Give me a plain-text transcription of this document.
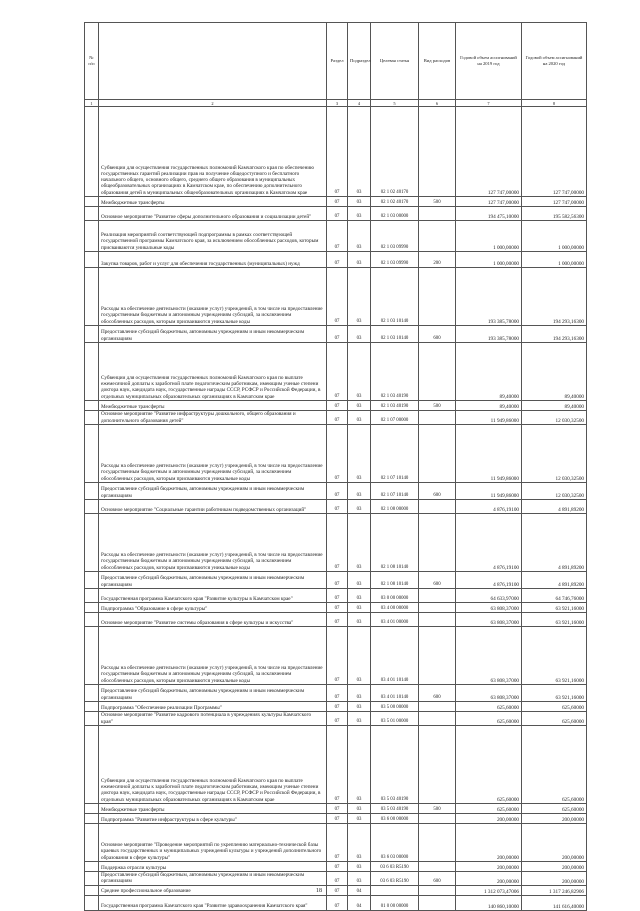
№ п/п		Раздел	Подраздел	Целевая статья	Вид расходов	Годовой объем ассигнований на 2019 год	Годовой объем ассигнований на 2020 год
1	2	3	4	5	6	7	8
	Субвенции для осуществления государственных полномочий Камчатского края по обеспечению государственных гарантий реализации прав на получение общедоступного и бесплатного начального общего, основного общего, среднего общего образования в муниципальных общеобразовательных организациях в Камчатском крае, по обеспечению дополнительного образования детей в муниципальных общеобразовательных организациях в Камчатском крае	07	03	02 1 02 40170		127 747,00000	127 747,00000
	Межбюджетные трансферты	07	03	02 1 02 40170	500	127 747,00000	127 747,00000
	Основное мероприятие "Развитие сферы дополнительного образования и социализации детей"	07	03	02 1 03 00000		194 475,10000	195 582,56300
	Реализация мероприятий соответствующей подпрограммы в рамках соответствующей государственной программы Камчатского края, за исключением обособленных расходов, которым присваиваются уникальные коды	07	03	02 1 03 09990		1 000,00000	1 000,00000
	Закупка товаров, работ и услуг для обеспечения государственных (муниципальных) нужд	07	03	02 1 03 09990	200	1 000,00000	1 000,00000
	Расходы на обеспечение деятельности (оказание услуг) учреждений, в том числе на предоставление государственным бюджетным и автономным учреждениям субсидий, за исключением обособленных расходов, которым присваиваются уникальные коды	07	03	02 1 03 10140		193 385,78000	194 293,16300
	Предоставление субсидий бюджетным, автономным учреждениям и иным некоммерческим организациям	07	03	02 1 03 10140	600	193 385,78000	194 293,16300
	Субвенции для осуществления государственных полномочий Камчатского края по выплате ежемесячной доплаты к заработной плате педагогическим работникам, имеющим ученые степени доктора наук, кандидата наук, государственные награды СССР, РСФСР и Российской Федерации, в отдельных муниципальных образовательных организациях в Камчатском крае	07	03	02 1 03 40190		89,40000	89,40000
	Межбюджетные трансферты	07	03	02 1 03 40190	500	89,40000	89,40000
	Основное мероприятие "Развитие инфраструктуры дошкольного, общего образования и дополнительного образования детей"	07	03	02 1 07 00000		11 949,86000	12 030,32500
	Расходы на обеспечение деятельности (оказание услуг) учреждений, в том числе на предоставление государственным бюджетным и автономным учреждениям субсидий, за исключением обособленных расходов, которым присваиваются уникальные коды	07	03	02 1 07 10140		11 949,86000	12 030,32500
	Предоставление субсидий бюджетным, автономным учреждениям и иным некоммерческим организациям	07	03	02 1 07 10140	600	11 949,86000	12 030,32500
	Основное мероприятие "Социальные гарантии работникам подведомственных организаций"	07	03	02 1 08 00000		4 876,19100	4 891,89200
	Расходы на обеспечение деятельности (оказание услуг) учреждений, в том числе на предоставление государственным бюджетным и автономным учреждениям субсидий, за исключением обособленных расходов, которым присваиваются уникальные коды	07	03	02 1 08 10140		4 876,19100	4 891,89200
	Предоставление субсидий бюджетным, автономным учреждениям и иным некоммерческим организациям	07	03	02 1 08 10140	600	4 876,19100	4 891,89200
	Государственная программа Камчатского края "Развитие культуры в Камчатском крае"	07	03	03 0 00 00000		64 633,97000	64 746,76000
	Подпрограмма "Образование в сфере культуры"	07	03	03 4 00 00000		63 808,37000	63 921,16000
	Основное мероприятие "Развитие системы образования в сфере культуры и искусства"	07	03	03 4 01 00000		63 808,37000	63 921,16000
	Расходы на обеспечение деятельности (оказание услуг) учреждений, в том числе на предоставление государственным бюджетным и автономным учреждениям субсидий, за исключением обособленных расходов, которым присваиваются уникальные коды	07	03	03 4 01 10140		63 808,37000	63 921,16000
	Предоставление субсидий бюджетным, автономным учреждениям и иным некоммерческим организациям	07	03	03 4 01 10140	600	63 808,37000	63 921,16000
	Подпрограмма "Обеспечение реализации Программы"	07	03	03 5 00 00000		625,60000	625,60000
	Основное мероприятие "Развитие кадрового потенциала в учреждениях культуры Камчатского края"	07	03	03 5 01 00000		625,60000	625,60000
	Субвенции для осуществления государственных полномочий Камчатского края по выплате ежемесячной доплаты к заработной плате педагогическим работникам, имеющим ученые степени доктора наук, кандидата наук, государственные награды СССР, РСФСР и Российской Федерации, в отдельных муниципальных образовательных организациях в Камчатском крае	07	03	03 5 03 40190		625,60000	625,60000
	Межбюджетные трансферты	07	03	03 5 03 40190	500	625,60000	625,60000
	Подпрограмма "Развитие инфраструктуры в сфере культуры"	07	03	03 6 00 00000		200,00000	200,00000
	Основное мероприятие "Проведение мероприятий по укреплению материально-технической базы краевых государственных и муниципальных учреждений культуры и учреждений дополнительного образования в сфере культуры"	07	03	03 6 03 00000		200,00000	200,00000
	Поддержка отрасли культуры	07	03	03 6 03 R5190		200,00000	200,00000
	Предоставление субсидий бюджетным, автономным учреждениям и иным некоммерческим организациям	07	03	03 6 03 R5190	600	200,00000	200,00000
	Среднее профессиональное образование	07	04			1 312 073,47006	1 317 246,82906
	Государственная программа Камчатского края "Развитие здравоохранения Камчатского края"	07	04	01 0 00 00000		140 860,10000	141 616,40000
18
